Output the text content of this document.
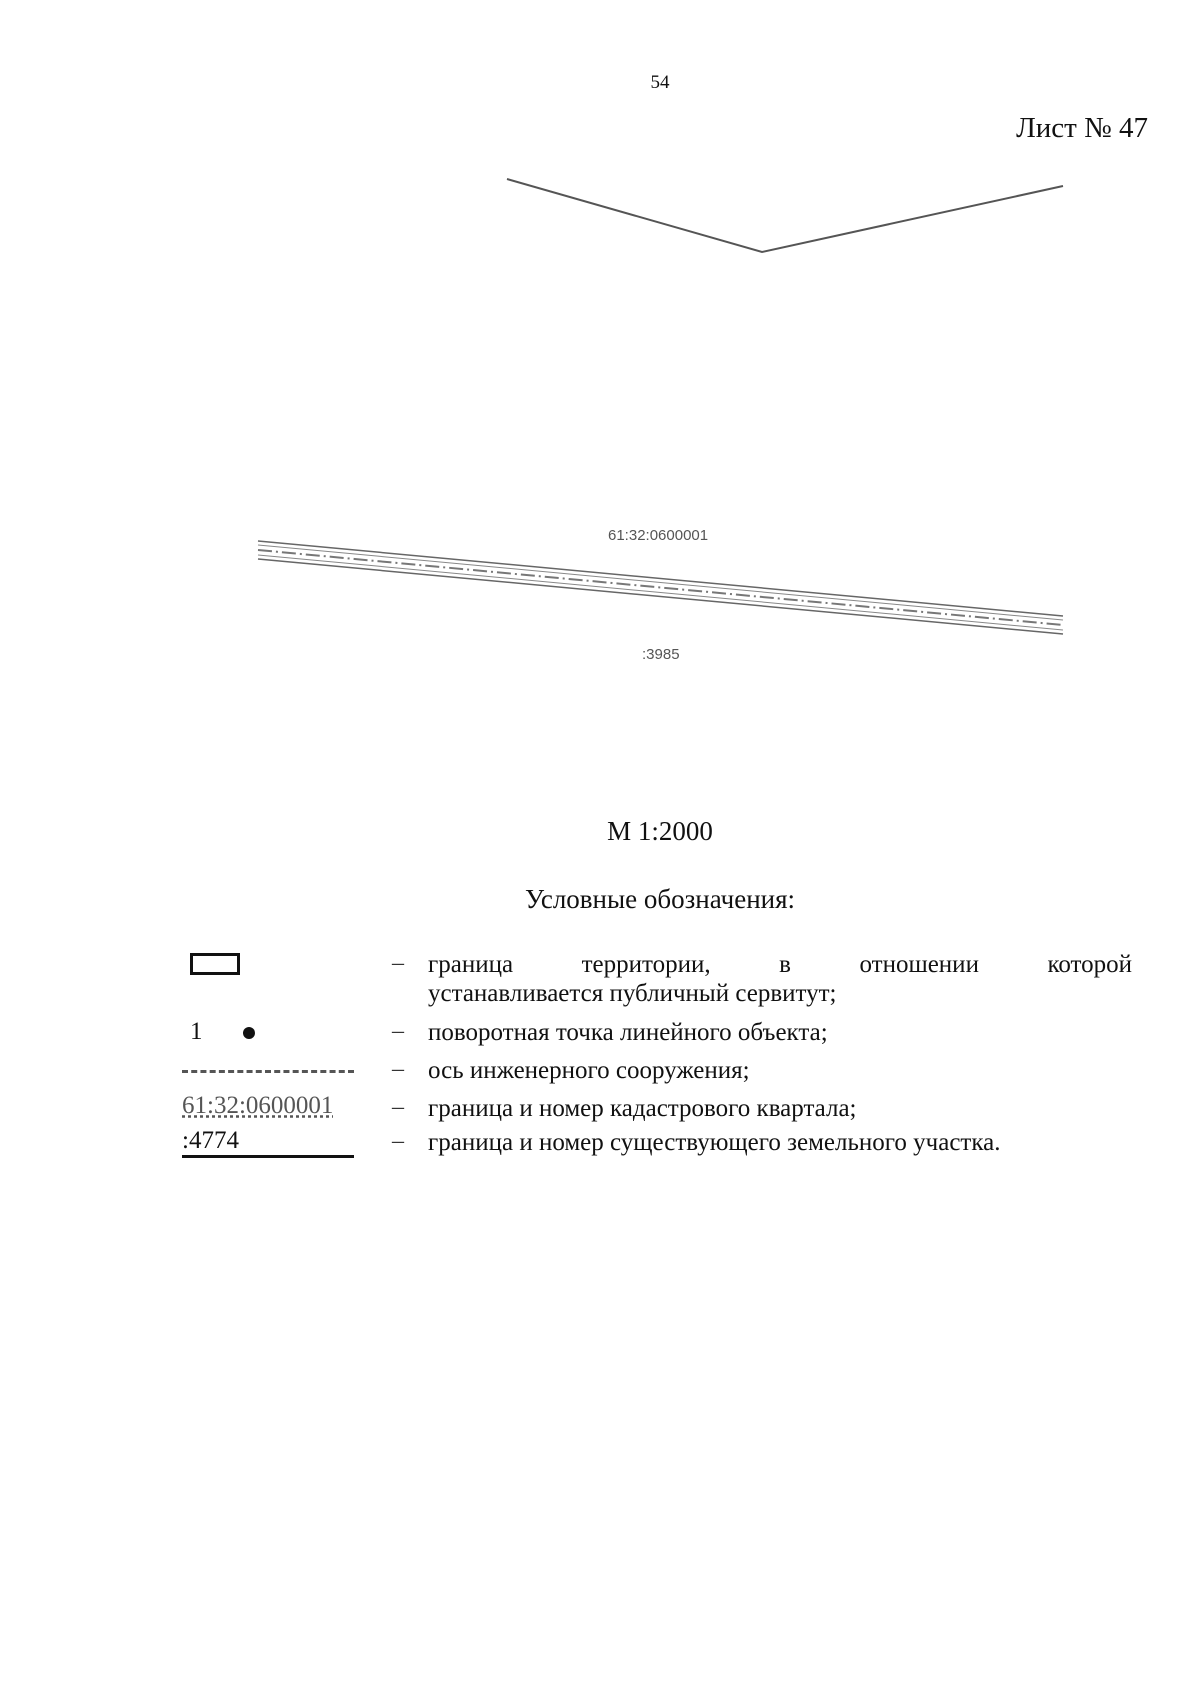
54
Лист № 47
61:32:0600001
:3985
М 1:2000
Условные обозначения:
– граница территории, в отношении которой
устанавливается публичный сервитут;
1	– поворотная точка линейного объекта;
– ось инженерного сооружения;
61:32:0600001 – граница и номер кадастрового квартала;
:4774	– граница и номер существующего земельного участка.
